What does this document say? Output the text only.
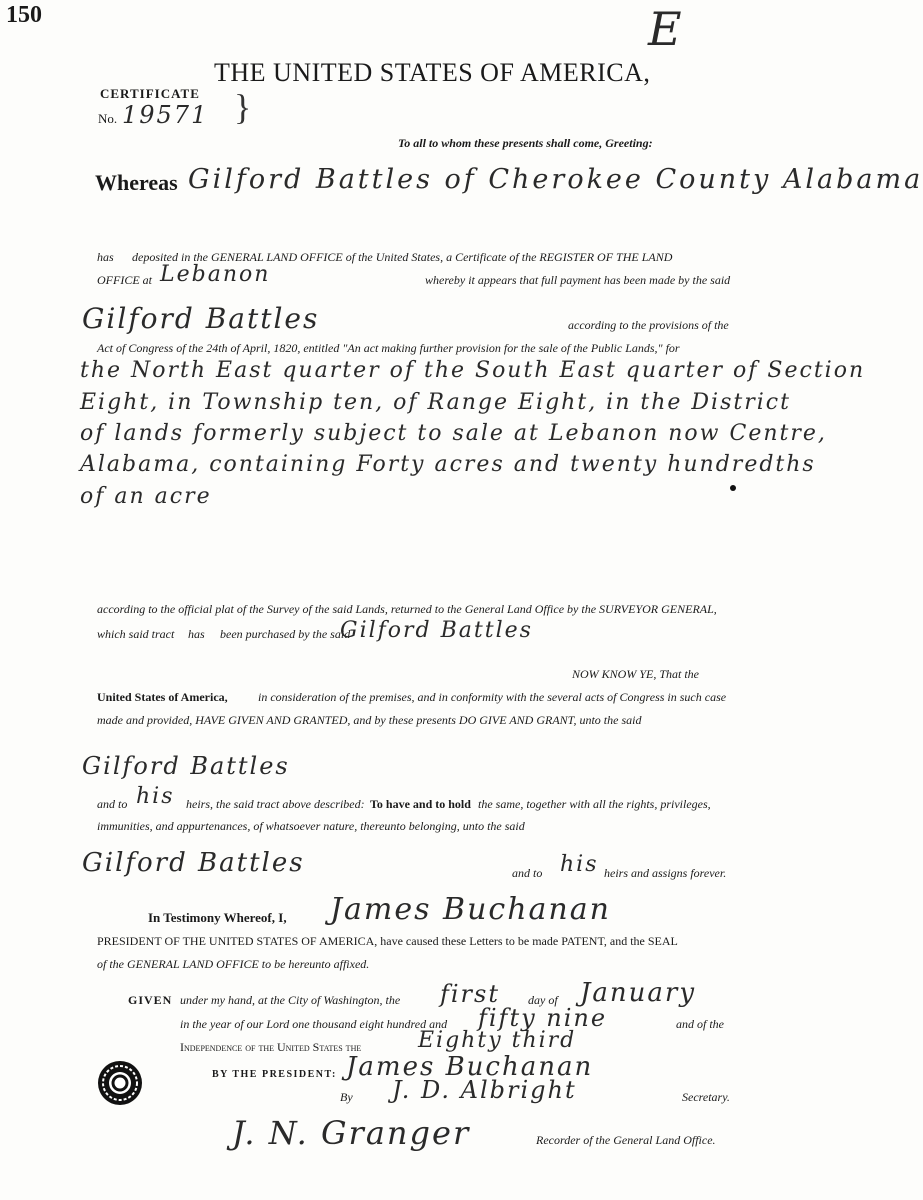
150	E
THE UNITED STATES OF AMERICA,
CERTIFICATE
No. 19571 }
To all to whom these presents shall come, Greeting:
Whereas Gilford Battles of Cherokee County Alabama
has deposited in the GENERAL LAND OFFICE of the United States, a Certificate of the REGISTER OF THE LAND
OFFICE at Lebanon	whereby it appears that full payment has been made by the said
Gilford Battles	according to the provisions of the
Act of Congress of the 24th of April, 1820, entitled "An act making further provision for the sale of the Public Lands," for
the North East quarter of the South East quarter of Section
Eight, in Township ten, of Range Eight, in the District
of lands formerly subject to sale at Lebanon now Centre,
Alabama, containing Forty acres and twenty hundredths
of an acre
according to the official plat of the Survey of the said Lands, returned to the General Land Office by the SURVEYOR GENERAL,
which said tract has been purchased by the said
Gilford Battles
NOW KNOW YE, That the
United States of America,	in consideration of the premises, and in conformity with the several acts of Congress in such case
made and provided, HAVE GIVEN AND GRANTED, and by these presents DO GIVE AND GRANT, unto the said
Gilford Battles
and to his heirs, the said tract above described: To have and to hold the same, together with all the rights, privileges,
immunities, and appurtenances, of whatsoever nature, thereunto belonging, unto the said
Gilford Battles	and to his heirs and assigns forever.
In Testimony Whereof, I, James Buchanan
PRESIDENT OF THE UNITED STATES OF AMERICA, have caused these Letters to be made PATENT, and the SEAL
of the GENERAL LAND OFFICE to be hereunto affixed.
GIVEN under my hand, at the City of Washington, the first day of January
in the year of our Lord one thousand eight hundred and fifty nine	and of the
Independence of the United States the	Eighty third
BY THE PRESIDENT: James Buchanan
By J. D. Albright	Secretary.
J. N. Granger	Recorder of the General Land Office.
